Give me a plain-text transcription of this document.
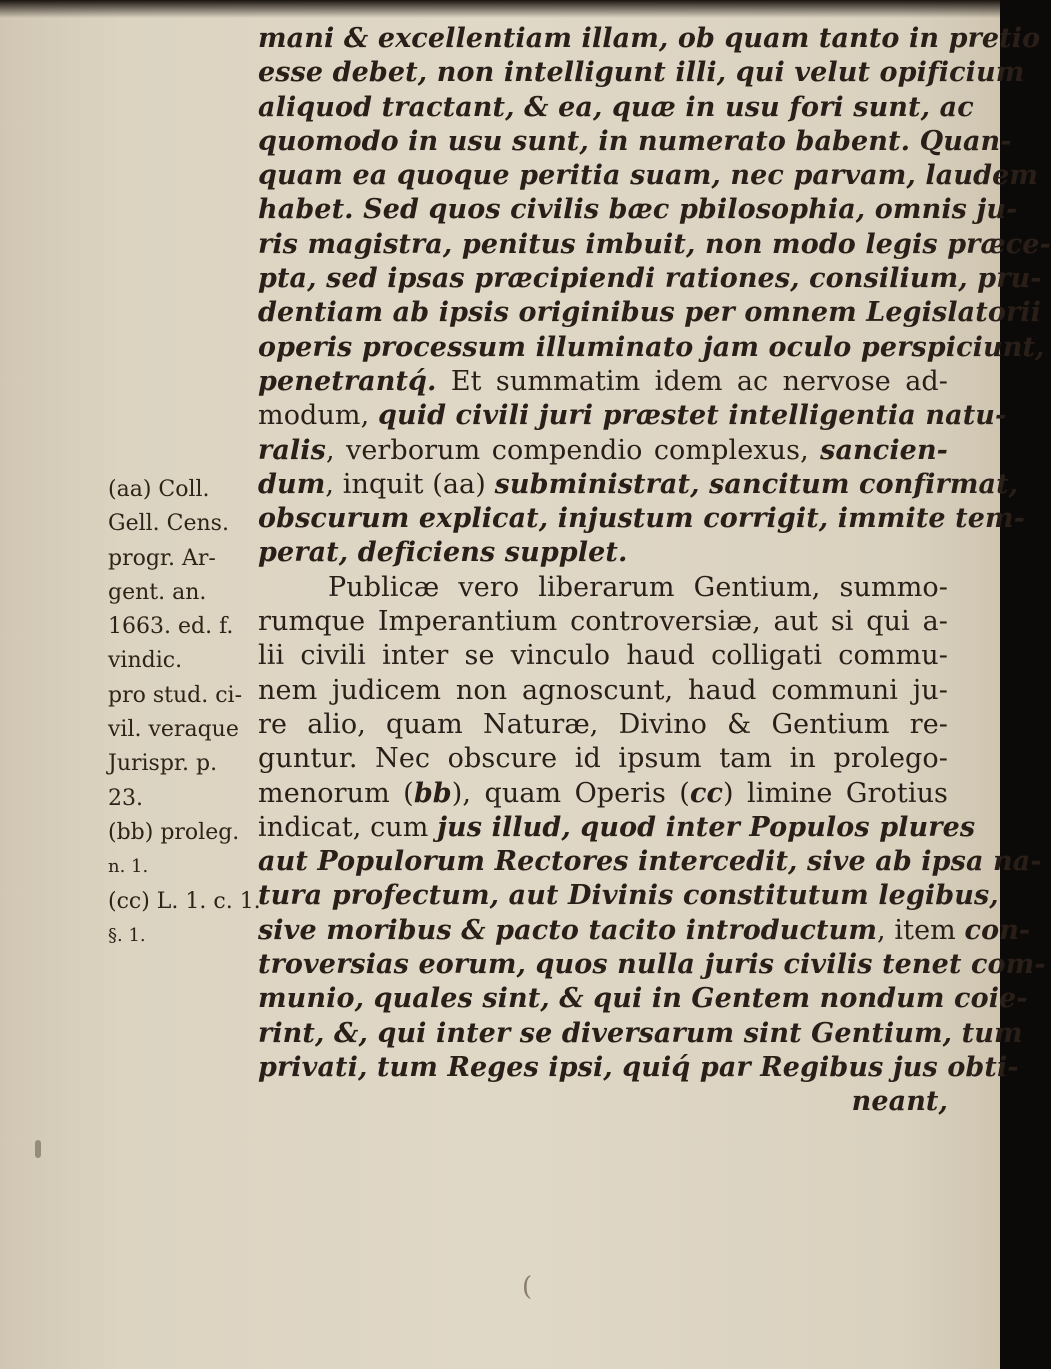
mani & excellentiam illam, ob quam tanto in pretio
esse debet, non intelligunt illi, qui velut opificium
aliquod tractant, & ea, quæ in usu fori sunt, ac
quomodo in usu sunt, in numerato babent. Quan-
quam ea quoque peritia suam, nec parvam, laudem
habet. Sed quos civilis bæc pbilosophia, omnis ju-
ris magistra, penitus imbuit, non modo legis præce-
pta, sed ipsas præcipiendi rationes, consilium, pru-
dentiam ab ipsis originibus per omnem Legislatorii
operis processum illuminato jam oculo perspiciunt,
penetrantq́. Et summatim idem ac nervose ad-
modum, quid civili juri præstet intelligentia natu-
ralis, verborum compendio complexus, sancien-
dum, inquit (aa) subministrat, sancitum confirmat,
obscurum explicat, injustum corrigit, immite tem-
perat, deficiens supplet.
Publicæ vero liberarum Gentium, summo-
rumque Imperantium controversiæ, aut si qui a-
lii civili inter se vinculo haud colligati commu-
nem judicem non agnoscunt, haud communi ju-
re alio, quam Naturæ, Divino & Gentium re-
guntur. Nec obscure id ipsum tam in prolego-
menorum (bb), quam Operis (cc) limine Grotius
indicat, cum jus illud, quod inter Populos plures
aut Populorum Rectores intercedit, sive ab ipsa na-
tura profectum, aut Divinis constitutum legibus,
sive moribus & pacto tacito introductum, item con-
troversias eorum, quos nulla juris civilis tenet com-
munio, quales sint, & qui in Gentem nondum coie-
rint, &, qui inter se diversarum sint Gentium, tum
privati, tum Reges ipsi, quiq́ par Regibus jus obti-
neant,
(aa) Coll.
Gell. Cens.
progr. Ar-
gent. an.
1663. ed. f.
vindic.
pro stud. ci-
vil. veraque
Jurispr. p.
23.
(bb) proleg.
n. 1.
(cc) L. 1. c. 1.
§. 1.
(
